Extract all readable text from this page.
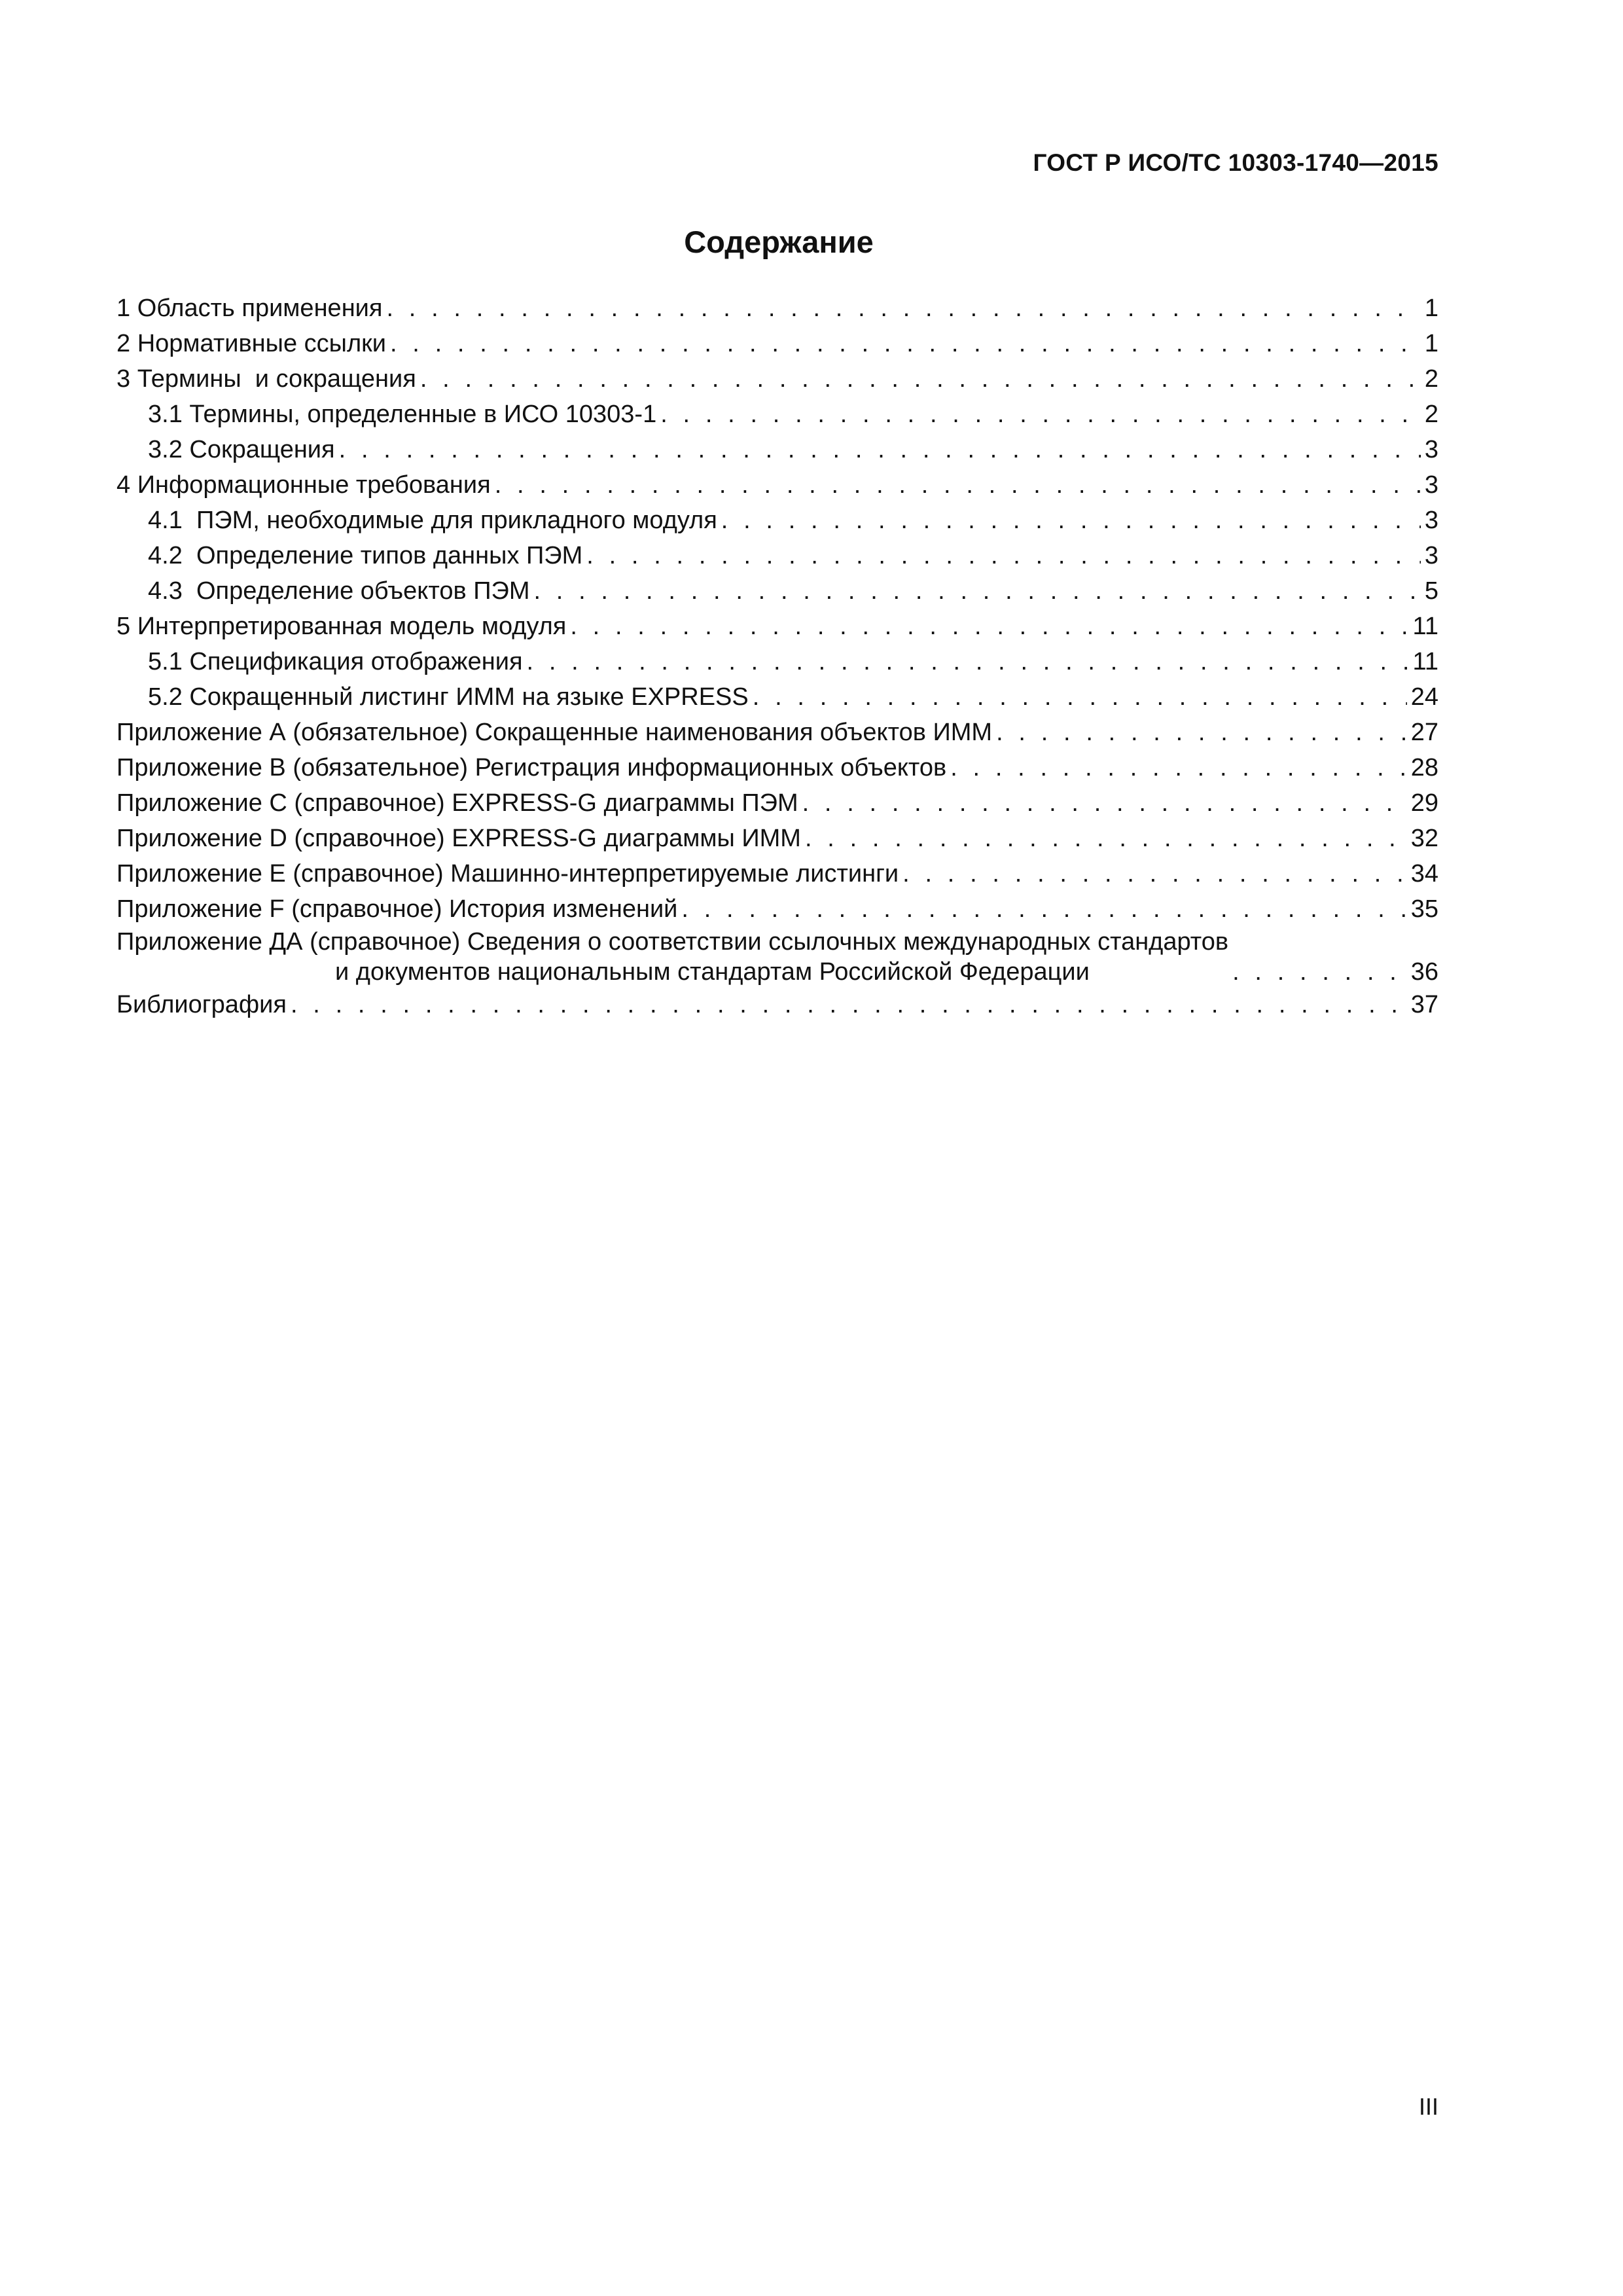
ГОСТ Р ИСО/ТС 10303-1740—2015
Содержание
1 Область применения . . .	1
2 Нормативные ссылки . . .	1
3 Термины  и сокращения . . .	2
3.1 Термины, определенные в ИСО 10303-1 . . .	2
3.2 Сокращения . . .	3
4 Информационные требования . . .	3
4.1  ПЭМ, необходимые для прикладного модуля . . .	3
4.2  Определение типов данных ПЭМ . . .	3
4.3  Определение объектов ПЭМ . . .	5
5 Интерпретированная модель модуля . . .	11
5.1 Спецификация отображения . . .	11
5.2 Сокращенный листинг ИММ на языке EXPRESS . . .	24
Приложение А (обязательное) Сокращенные наименования объектов ИММ . . .	27
Приложение В (обязательное) Регистрация информационных объектов . . .	28
Приложение С (справочное) EXPRESS-G диаграммы ПЭМ . . .	29
Приложение D (справочное) EXPRESS-G диаграммы ИММ . . .	32
Приложение Е (справочное) Машинно-интерпретируемые листинги . . .	34
Приложение F (справочное) История изменений . . .	35
Приложение ДА (справочное) Сведения о соответствии ссылочных международных стандартов
и документов национальным стандартам Российской Федерации . . .	36
Библиография . . .	37
III
